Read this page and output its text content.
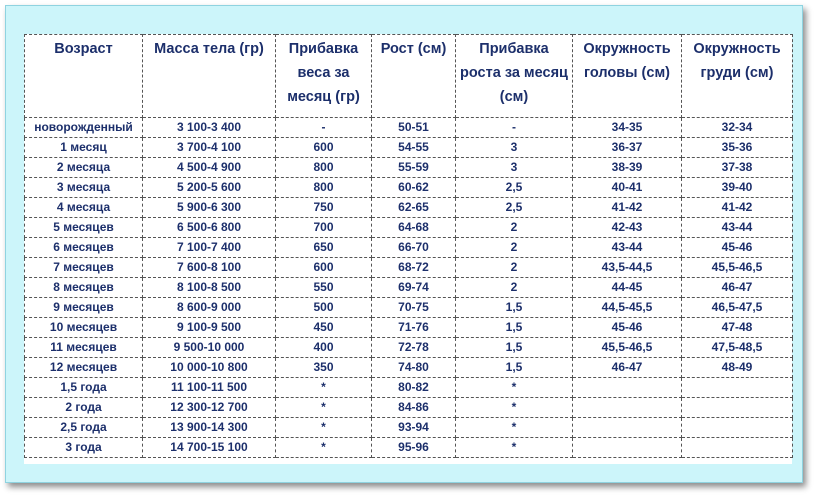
Возраст	Масса тела (гр)	Прибавка веса за месяц (гр)	Рост (см)	Прибавка роста за месяц (см)	Окружность головы (см)	Окружность груди (см)
новорожденный	3 100-3 400	-	50-51	-	34-35	32-34
1 месяц	3 700-4 100	600	54-55	3	36-37	35-36
2 месяца	4 500-4 900	800	55-59	3	38-39	37-38
3 месяца	5 200-5 600	800	60-62	2,5	40-41	39-40
4 месяца	5 900-6 300	750	62-65	2,5	41-42	41-42
5 месяцев	6 500-6 800	700	64-68	2	42-43	43-44
6 месяцев	7 100-7 400	650	66-70	2	43-44	45-46
7 месяцев	7 600-8 100	600	68-72	2	43,5-44,5	45,5-46,5
8 месяцев	8 100-8 500	550	69-74	2	44-45	46-47
9 месяцев	8 600-9 000	500	70-75	1,5	44,5-45,5	46,5-47,5
10 месяцев	9 100-9 500	450	71-76	1,5	45-46	47-48
11 месяцев	9 500-10 000	400	72-78	1,5	45,5-46,5	47,5-48,5
12 месяцев	10 000-10 800	350	74-80	1,5	46-47	48-49
1,5 года	11 100-11 500	*	80-82	*		
2 года	12 300-12 700	*	84-86	*		
2,5 года	13 900-14 300	*	93-94	*		
3 года	14 700-15 100	*	95-96	*		
